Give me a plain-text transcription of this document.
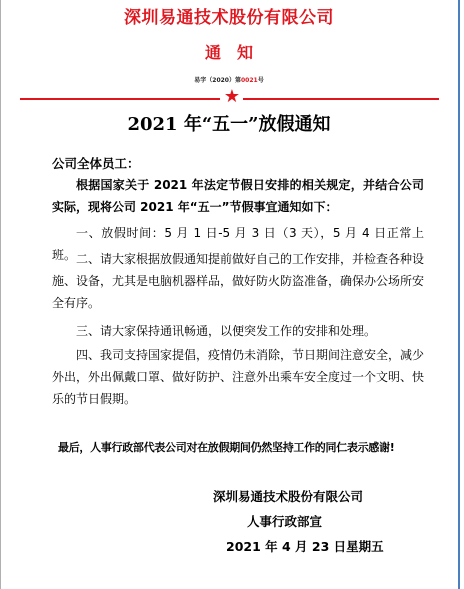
深圳易通技术股份有限公司
通　知
易字（2020）第0021号
★
2021 年“五一”放假通知
公司全体员工：
根据国家关于 2021 年法定节假日安排的相关规定，并结合公司实际，现将公司 2021 年“五一”节假事宜通知如下：
一、放假时间：5 月 1 日-5 月 3 日（3 天），5 月 4 日正常上班。 二、请大家根据放假通知提前做好自己的工作安排，并检查各种设施、设备，尤其是电脑机器样品，做好防火防盗准备，确保办公场所安全有序。
三、请大家保持通讯畅通，以便突发工作的安排和处理。
四、我司支持国家提倡，疫情仍未消除，节日期间注意安全，减少外出，外出佩戴口罩、做好防护、注意外出乘车安全度过一个文明、快乐的节日假期。
最后，人事行政部代表公司对在放假期间仍然坚持工作的同仁表示感谢!
深圳易通技术股份有限公司
人事行政部宣
2021 年 4 月 23 日星期五
